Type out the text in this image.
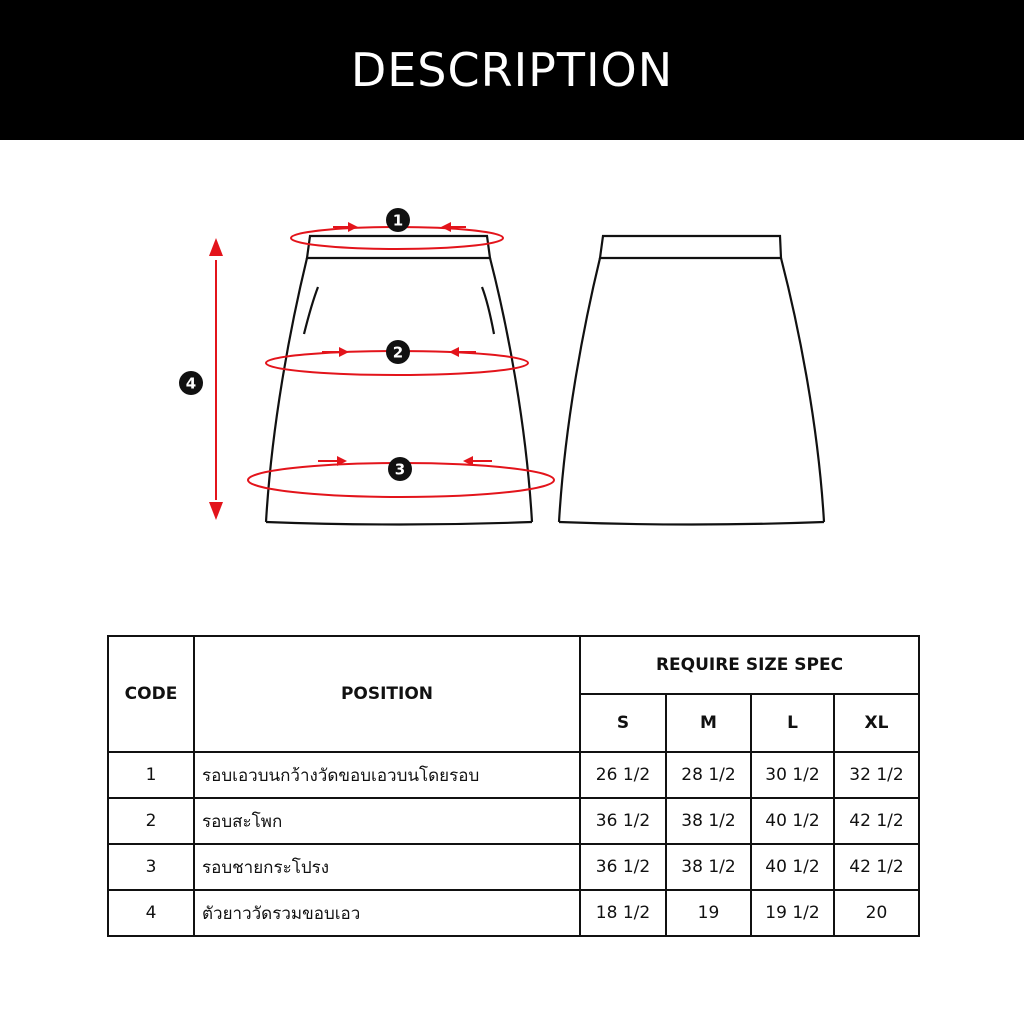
DESCRIPTION
1
2
3
4
CODE	POSITION	REQUIRE SIZE SPEC			
		S	M	L	XL
1	รอบเอวบนกว้างวัดขอบเอวบนโดยรอบ	26 1/2	28 1/2	30 1/2	32 1/2
2	รอบสะโพก	36 1/2	38 1/2	40 1/2	42 1/2
3	รอบชายกระโปรง	36 1/2	38 1/2	40 1/2	42 1/2
4	ตัวยาววัดรวมขอบเอว	18 1/2	19	19 1/2	20
